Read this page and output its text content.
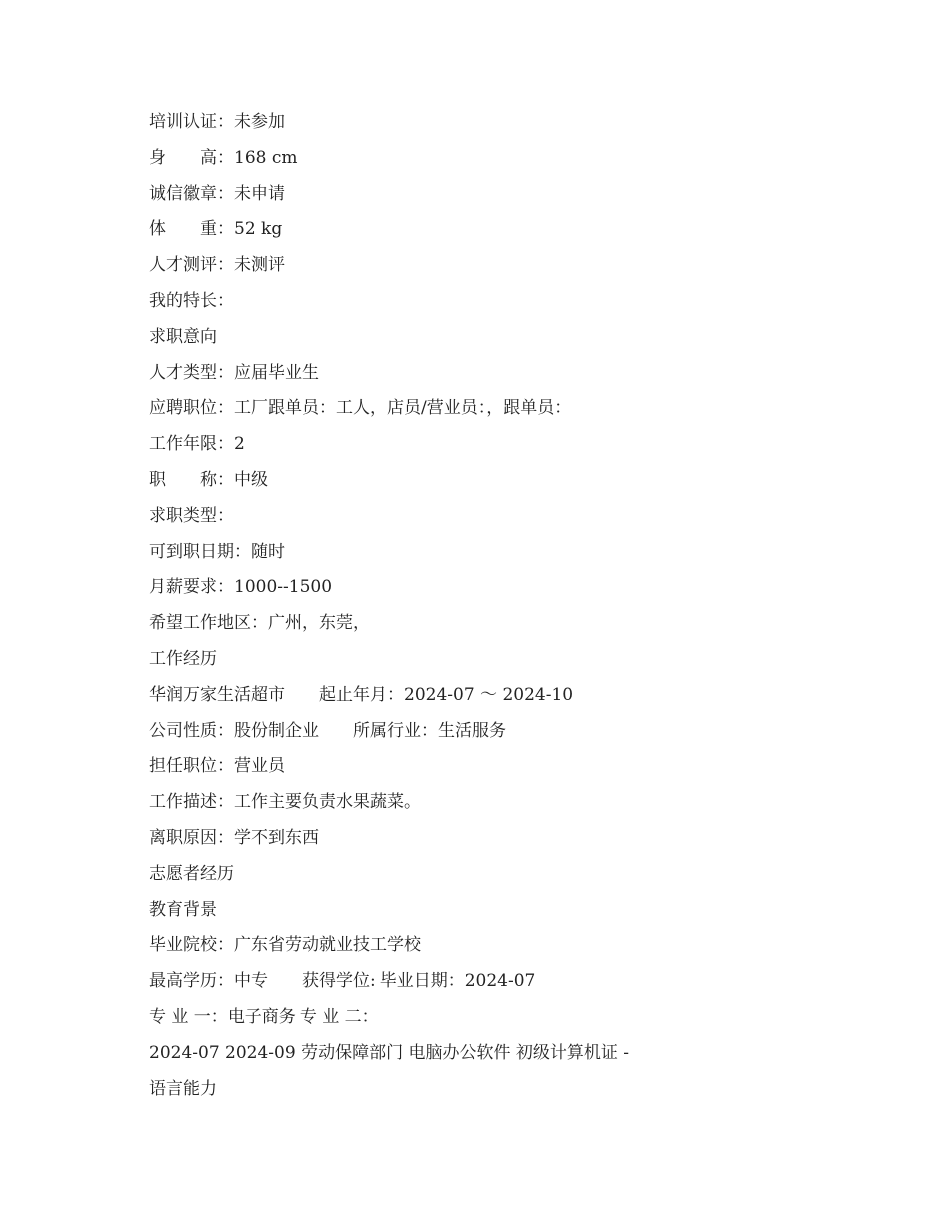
培训认证：未参加
身　　高：168 cm
诚信徽章：未申请
体　　重：52 kg
人才测评：未测评
我的特长：
求职意向
人才类型：应届毕业生
应聘职位：工厂跟单员：工人，店员/营业员：，跟单员：
工作年限：2
职　　称：中级
求职类型：
可到职日期：随时
月薪要求：1000--1500
希望工作地区：广州，东莞，
工作经历
华润万家生活超市 起止年月：2024-07 ～ 2024-10
公司性质：股份制企业 所属行业：生活服务
担任职位：营业员
工作描述：工作主要负责水果蔬菜。
离职原因：学不到东西
志愿者经历
教育背景
毕业院校：广东省劳动就业技工学校
最高学历：中专 获得学位: 毕业日期：2024-07
专 业 一：电子商务 专 业 二：
2024-07 2024-09 劳动保障部门 电脑办公软件 初级计算机证 -
语言能力
